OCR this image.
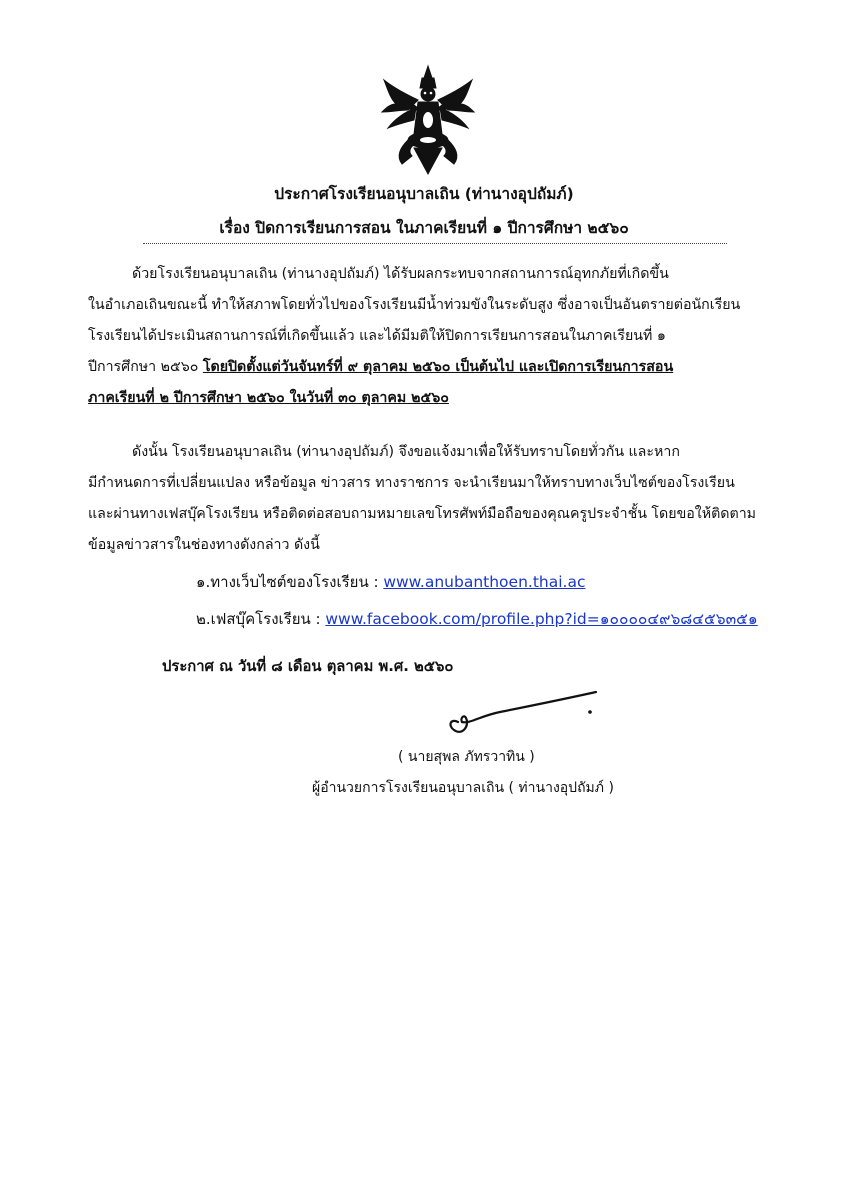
ประกาศโรงเรียนอนุบาลเถิน (ท่านางอุปถัมภ์)
เรื่อง ปิดการเรียนการสอน ในภาคเรียนที่ ๑ ปีการศึกษา ๒๕๖๐
ด้วยโรงเรียนอนุบาลเถิน (ท่านางอุปถัมภ์) ได้รับผลกระทบจากสถานการณ์อุทกภัยที่เกิดขึ้น
ในอำเภอเถินขณะนี้ ทำให้สภาพโดยทั่วไปของโรงเรียนมีน้ำท่วมขังในระดับสูง ซึ่งอาจเป็นอันตรายต่อนักเรียน
โรงเรียนได้ประเมินสถานการณ์ที่เกิดขึ้นแล้ว และได้มีมติให้ปิดการเรียนการสอนในภาคเรียนที่ ๑
ปีการศึกษา ๒๕๖๐ โดยปิดตั้งแต่วันจันทร์ที่ ๙ ตุลาคม ๒๕๖๐ เป็นต้นไป และเปิดการเรียนการสอน
ภาคเรียนที่ ๒ ปีการศึกษา ๒๕๖๐ ในวันที่ ๓๐ ตุลาคม ๒๕๖๐
ดังนั้น โรงเรียนอนุบาลเถิน (ท่านางอุปถัมภ์) จึงขอแจ้งมาเพื่อให้รับทราบโดยทั่วกัน และหาก
มีกำหนดการที่เปลี่ยนแปลง หรือข้อมูล ข่าวสาร ทางราชการ จะนำเรียนมาให้ทราบทางเว็บไซต์ของโรงเรียน
และผ่านทางเฟสบุ๊คโรงเรียน หรือติดต่อสอบถามหมายเลขโทรศัพท์มือถือของคุณครูประจำชั้น โดยขอให้ติดตาม
ข้อมูลข่าวสารในช่องทางดังกล่าว ดังนี้
๑.ทางเว็บไซต์ของโรงเรียน : www.anubanthoen.thai.ac
๒.เฟสบุ๊คโรงเรียน : www.facebook.com/profile.php?id=๑๐๐๐๐๔๙๖๘๔๕๖๓๕๑
ประกาศ ณ วันที่ ๘ เดือน ตุลาคม พ.ศ. ๒๕๖๐
( นายสุพล ภัทรวาทิน )
ผู้อำนวยการโรงเรียนอนุบาลเถิน ( ท่านางอุปถัมภ์ )
